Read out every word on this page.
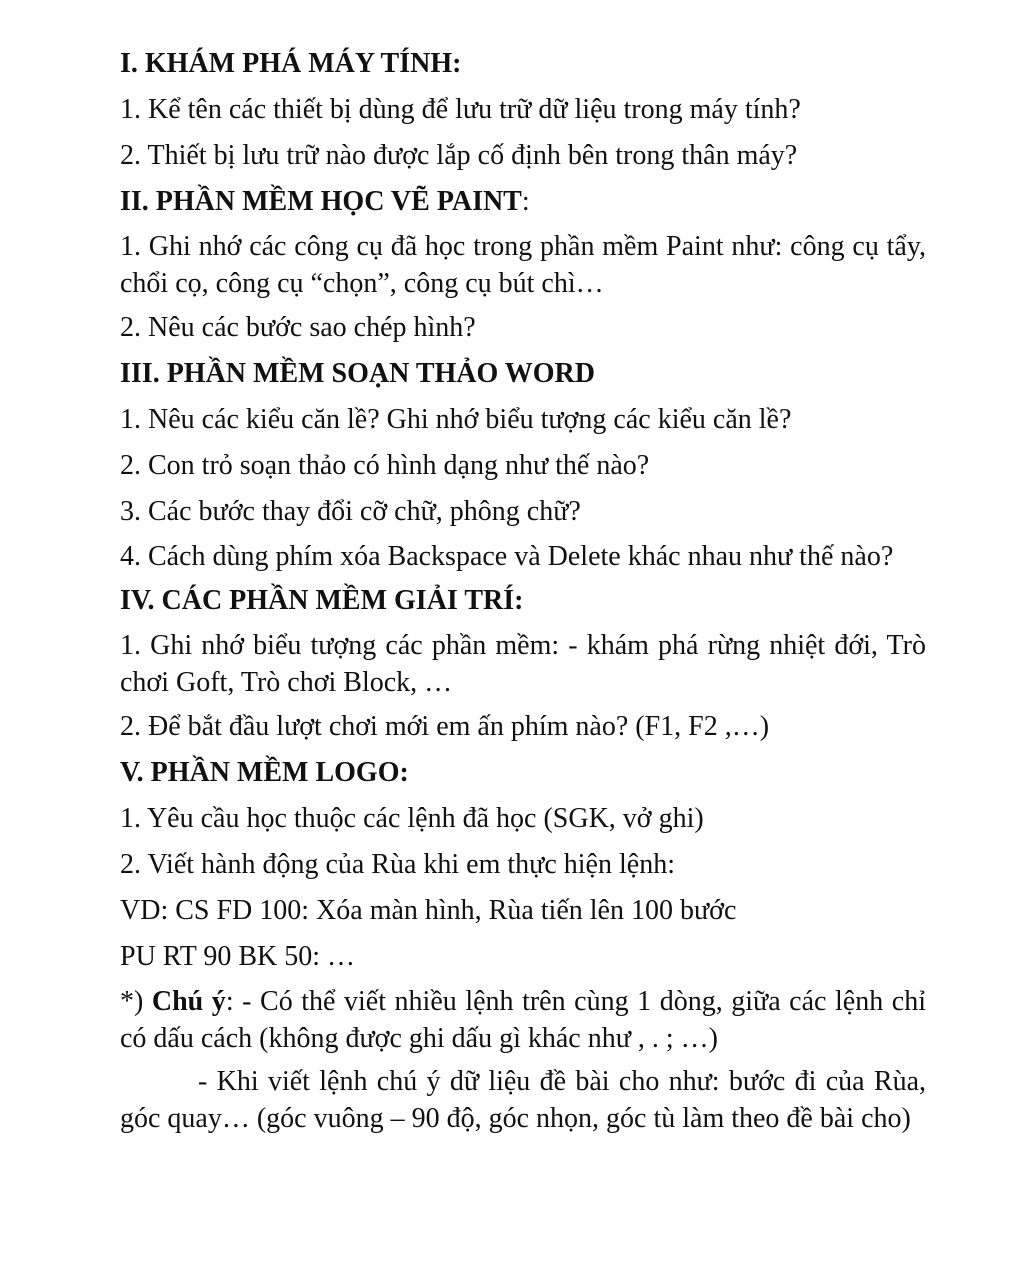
I. KHÁM PHÁ MÁY TÍNH:

1. Kể tên các thiết bị dùng để lưu trữ dữ liệu trong máy tính?

2. Thiết bị lưu trữ nào được lắp cố định bên trong thân máy?

II. PHẦN MỀM HỌC VẼ PAINT:

1. Ghi nhớ các công cụ đã học trong phần mềm Paint như: công cụ tẩy, chổi cọ, công cụ “chọn”, công cụ bút chì…

2. Nêu các bước sao chép hình?

III. PHẦN MỀM SOẠN THẢO WORD

1. Nêu các kiểu căn lề? Ghi nhớ biểu tượng các kiểu căn lề?

2. Con trỏ soạn thảo có hình dạng như thế nào?

3. Các bước thay đổi cỡ chữ, phông chữ?

4. Cách dùng phím xóa Backspace và Delete khác nhau như thế nào?

IV. CÁC PHẦN MỀM GIẢI TRÍ:

1. Ghi nhớ biểu tượng các phần mềm: - khám phá rừng nhiệt đới, Trò chơi Goft, Trò chơi Block, …

2. Để bắt đầu lượt chơi mới em ấn phím nào? (F1, F2 ,…)

V. PHẦN MỀM LOGO:

1. Yêu cầu học thuộc các lệnh đã học (SGK, vở ghi)

2. Viết hành động của Rùa khi em thực hiện lệnh:

VD: CS FD 100: Xóa màn hình, Rùa tiến lên 100 bước

PU RT 90 BK 50: …

*) Chú ý: - Có thể viết nhiều lệnh trên cùng 1 dòng, giữa các lệnh chỉ có dấu cách (không được ghi dấu gì khác như , . ; …)

- Khi viết lệnh chú ý dữ liệu đề bài cho như: bước đi của Rùa, góc quay… (góc vuông – 90 độ, góc nhọn, góc tù làm theo đề bài cho)
